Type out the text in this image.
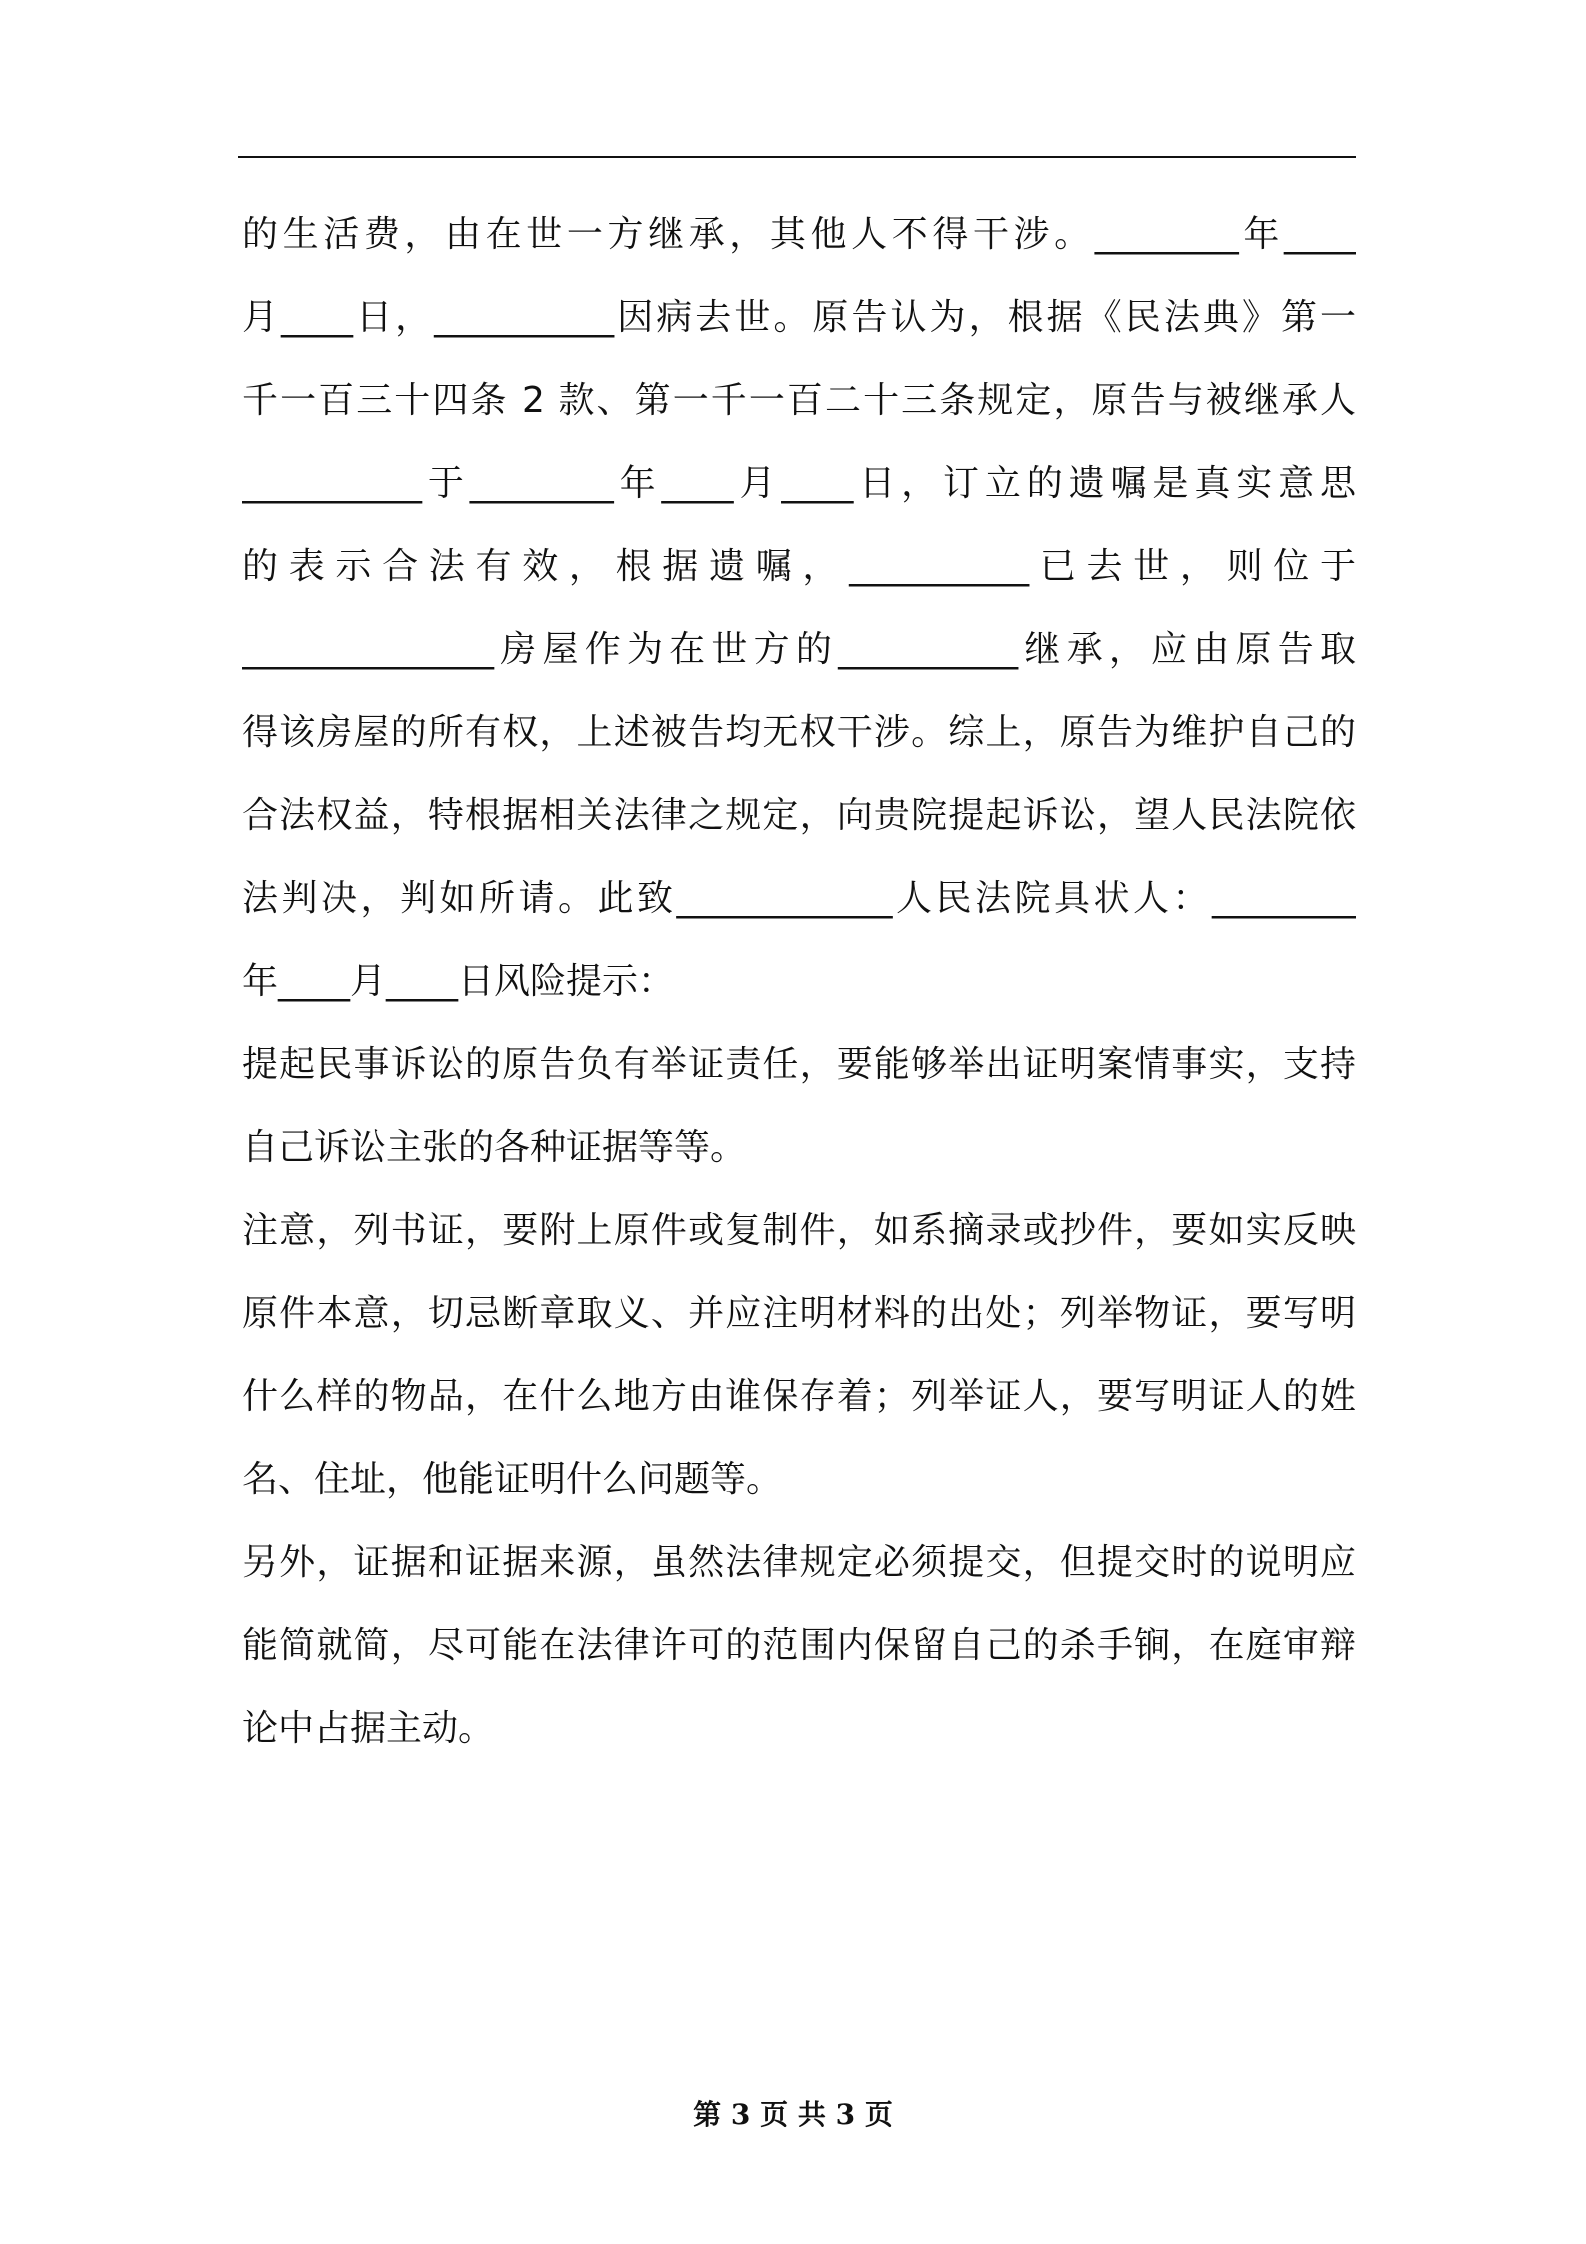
的生活费，由在世一方继承，其他人不得干涉。________年____
月____日，__________因病去世。原告认为，根据《民法典》第一
千一百三十四条 2 款、第一千一百二十三条规定，原告与被继承人
__________于________年____月____日，订立的遗嘱是真实意思
的表示合法有效，根据遗嘱，__________已去世，则位于
______________房屋作为在世方的__________继承，应由原告取
得该房屋的所有权，上述被告均无权干涉。综上，原告为维护自己的
合法权益，特根据相关法律之规定，向贵院提起诉讼，望人民法院依
法判决，判如所请。此致____________人民法院具状人：________
年____月____日风险提示：
提起民事诉讼的原告负有举证责任，要能够举出证明案情事实，支持
自己诉讼主张的各种证据等等。
注意，列书证，要附上原件或复制件，如系摘录或抄件，要如实反映
原件本意，切忌断章取义、并应注明材料的出处；列举物证，要写明
什么样的物品，在什么地方由谁保存着；列举证人，要写明证人的姓
名、住址，他能证明什么问题等。
另外，证据和证据来源，虽然法律规定必须提交，但提交时的说明应
能简就简，尽可能在法律许可的范围内保留自己的杀手锏，在庭审辩
论中占据主动。
第 3 页 共 3 页
